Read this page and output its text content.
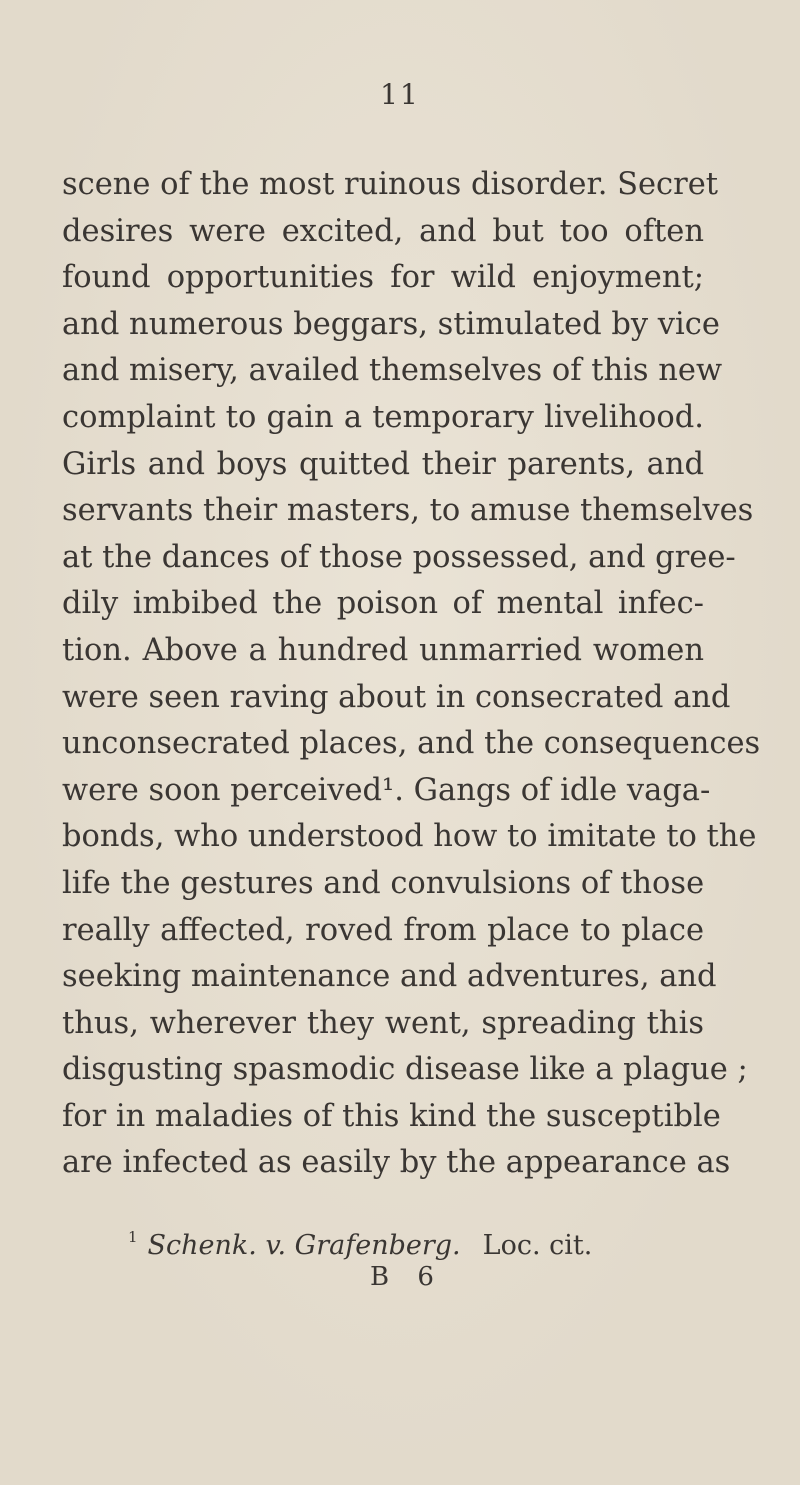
11
scene of the most ruinous disorder. Secret
desires were excited, and but too often
found opportunities for wild enjoyment;
and numerous beggars, stimulated by vice
and misery, availed themselves of this new
complaint to gain a temporary livelihood.
Girls and boys quitted their parents, and
servants their masters, to amuse themselves
at the dances of those possessed, and gree-
dily imbibed the poison of mental infec-
tion. Above a hundred unmarried women
were seen raving about in consecrated and
unconsecrated places, and the consequences
were soon perceived¹. Gangs of idle vaga-
bonds, who understood how to imitate to the
life the gestures and convulsions of those
really affected, roved from place to place
seeking maintenance and adventures, and
thus, wherever they went, spreading this
disgusting spasmodic disease like a plague ;
for in maladies of this kind the susceptible
are infected as easily by the appearance as
$^1$ Schenk. v. Grafenberg. Loc. cit.
B 6
